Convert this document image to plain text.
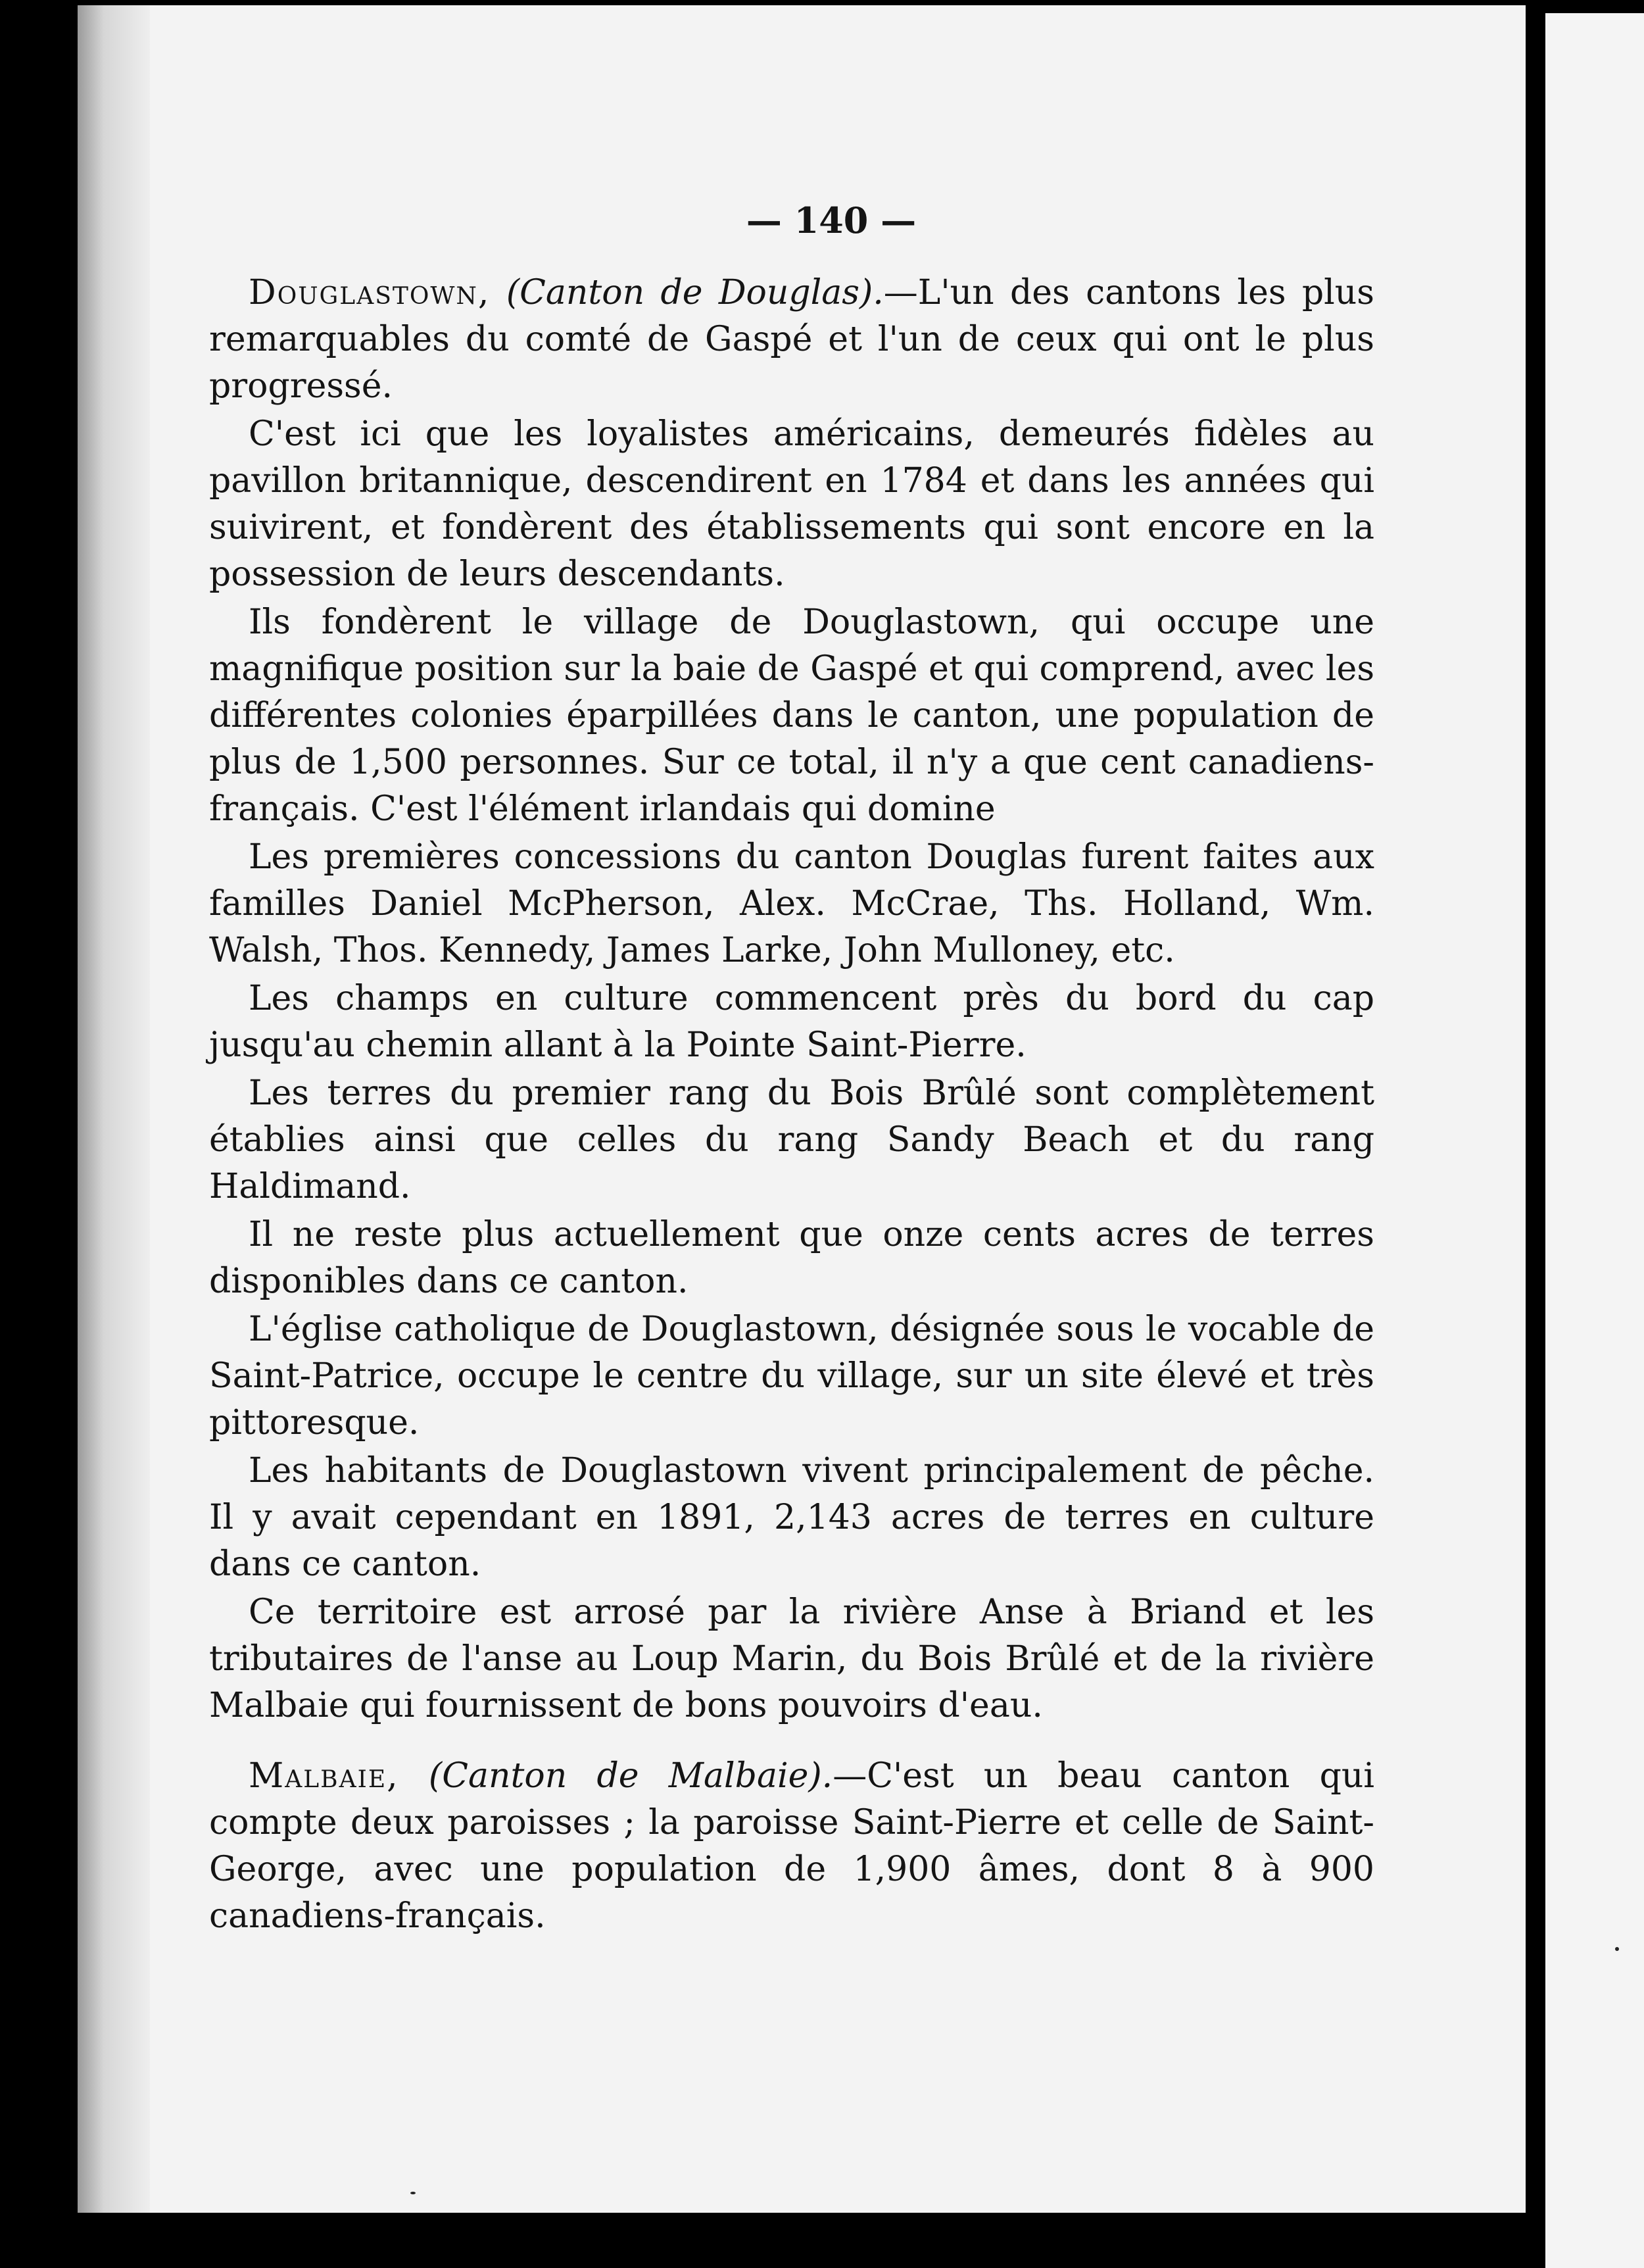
— 140 —

Douglastown, (Canton de Douglas).—L'un des cantons les plus remarquables du comté de Gaspé et l'un de ceux qui ont le plus progressé.

C'est ici que les loyalistes américains, demeurés fidèles au pavillon britannique, descendirent en 1784 et dans les années qui suivirent, et fondèrent des établissements qui sont encore en la possession de leurs descendants.

Ils fondèrent le village de Douglastown, qui occupe une magnifique position sur la baie de Gaspé et qui comprend, avec les différentes colonies éparpillées dans le canton, une population de plus de 1,500 personnes. Sur ce total, il n'y a que cent canadiens-français. C'est l'élément irlandais qui domine

Les premières concessions du canton Douglas furent faites aux familles Daniel McPherson, Alex. McCrae, Ths. Holland, Wm. Walsh, Thos. Kennedy, James Larke, John Mulloney, etc.

Les champs en culture commencent près du bord du cap jusqu'au chemin allant à la Pointe Saint-Pierre.

Les terres du premier rang du Bois Brûlé sont complètement établies ainsi que celles du rang Sandy Beach et du rang Haldimand.

Il ne reste plus actuellement que onze cents acres de terres disponibles dans ce canton.

L'église catholique de Douglastown, désignée sous le vocable de Saint-Patrice, occupe le centre du village, sur un site élevé et très pittoresque.

Les habitants de Douglastown vivent principalement de pêche. Il y avait cependant en 1891, 2,143 acres de terres en culture dans ce canton.

Ce territoire est arrosé par la rivière Anse à Briand et les tributaires de l'anse au Loup Marin, du Bois Brûlé et de la rivière Malbaie qui fournissent de bons pouvoirs d'eau.

Malbaie, (Canton de Malbaie).—C'est un beau canton qui compte deux paroisses ; la paroisse Saint-Pierre et celle de Saint-George, avec une population de 1,900 âmes, dont 8 à 900 canadiens-français.
